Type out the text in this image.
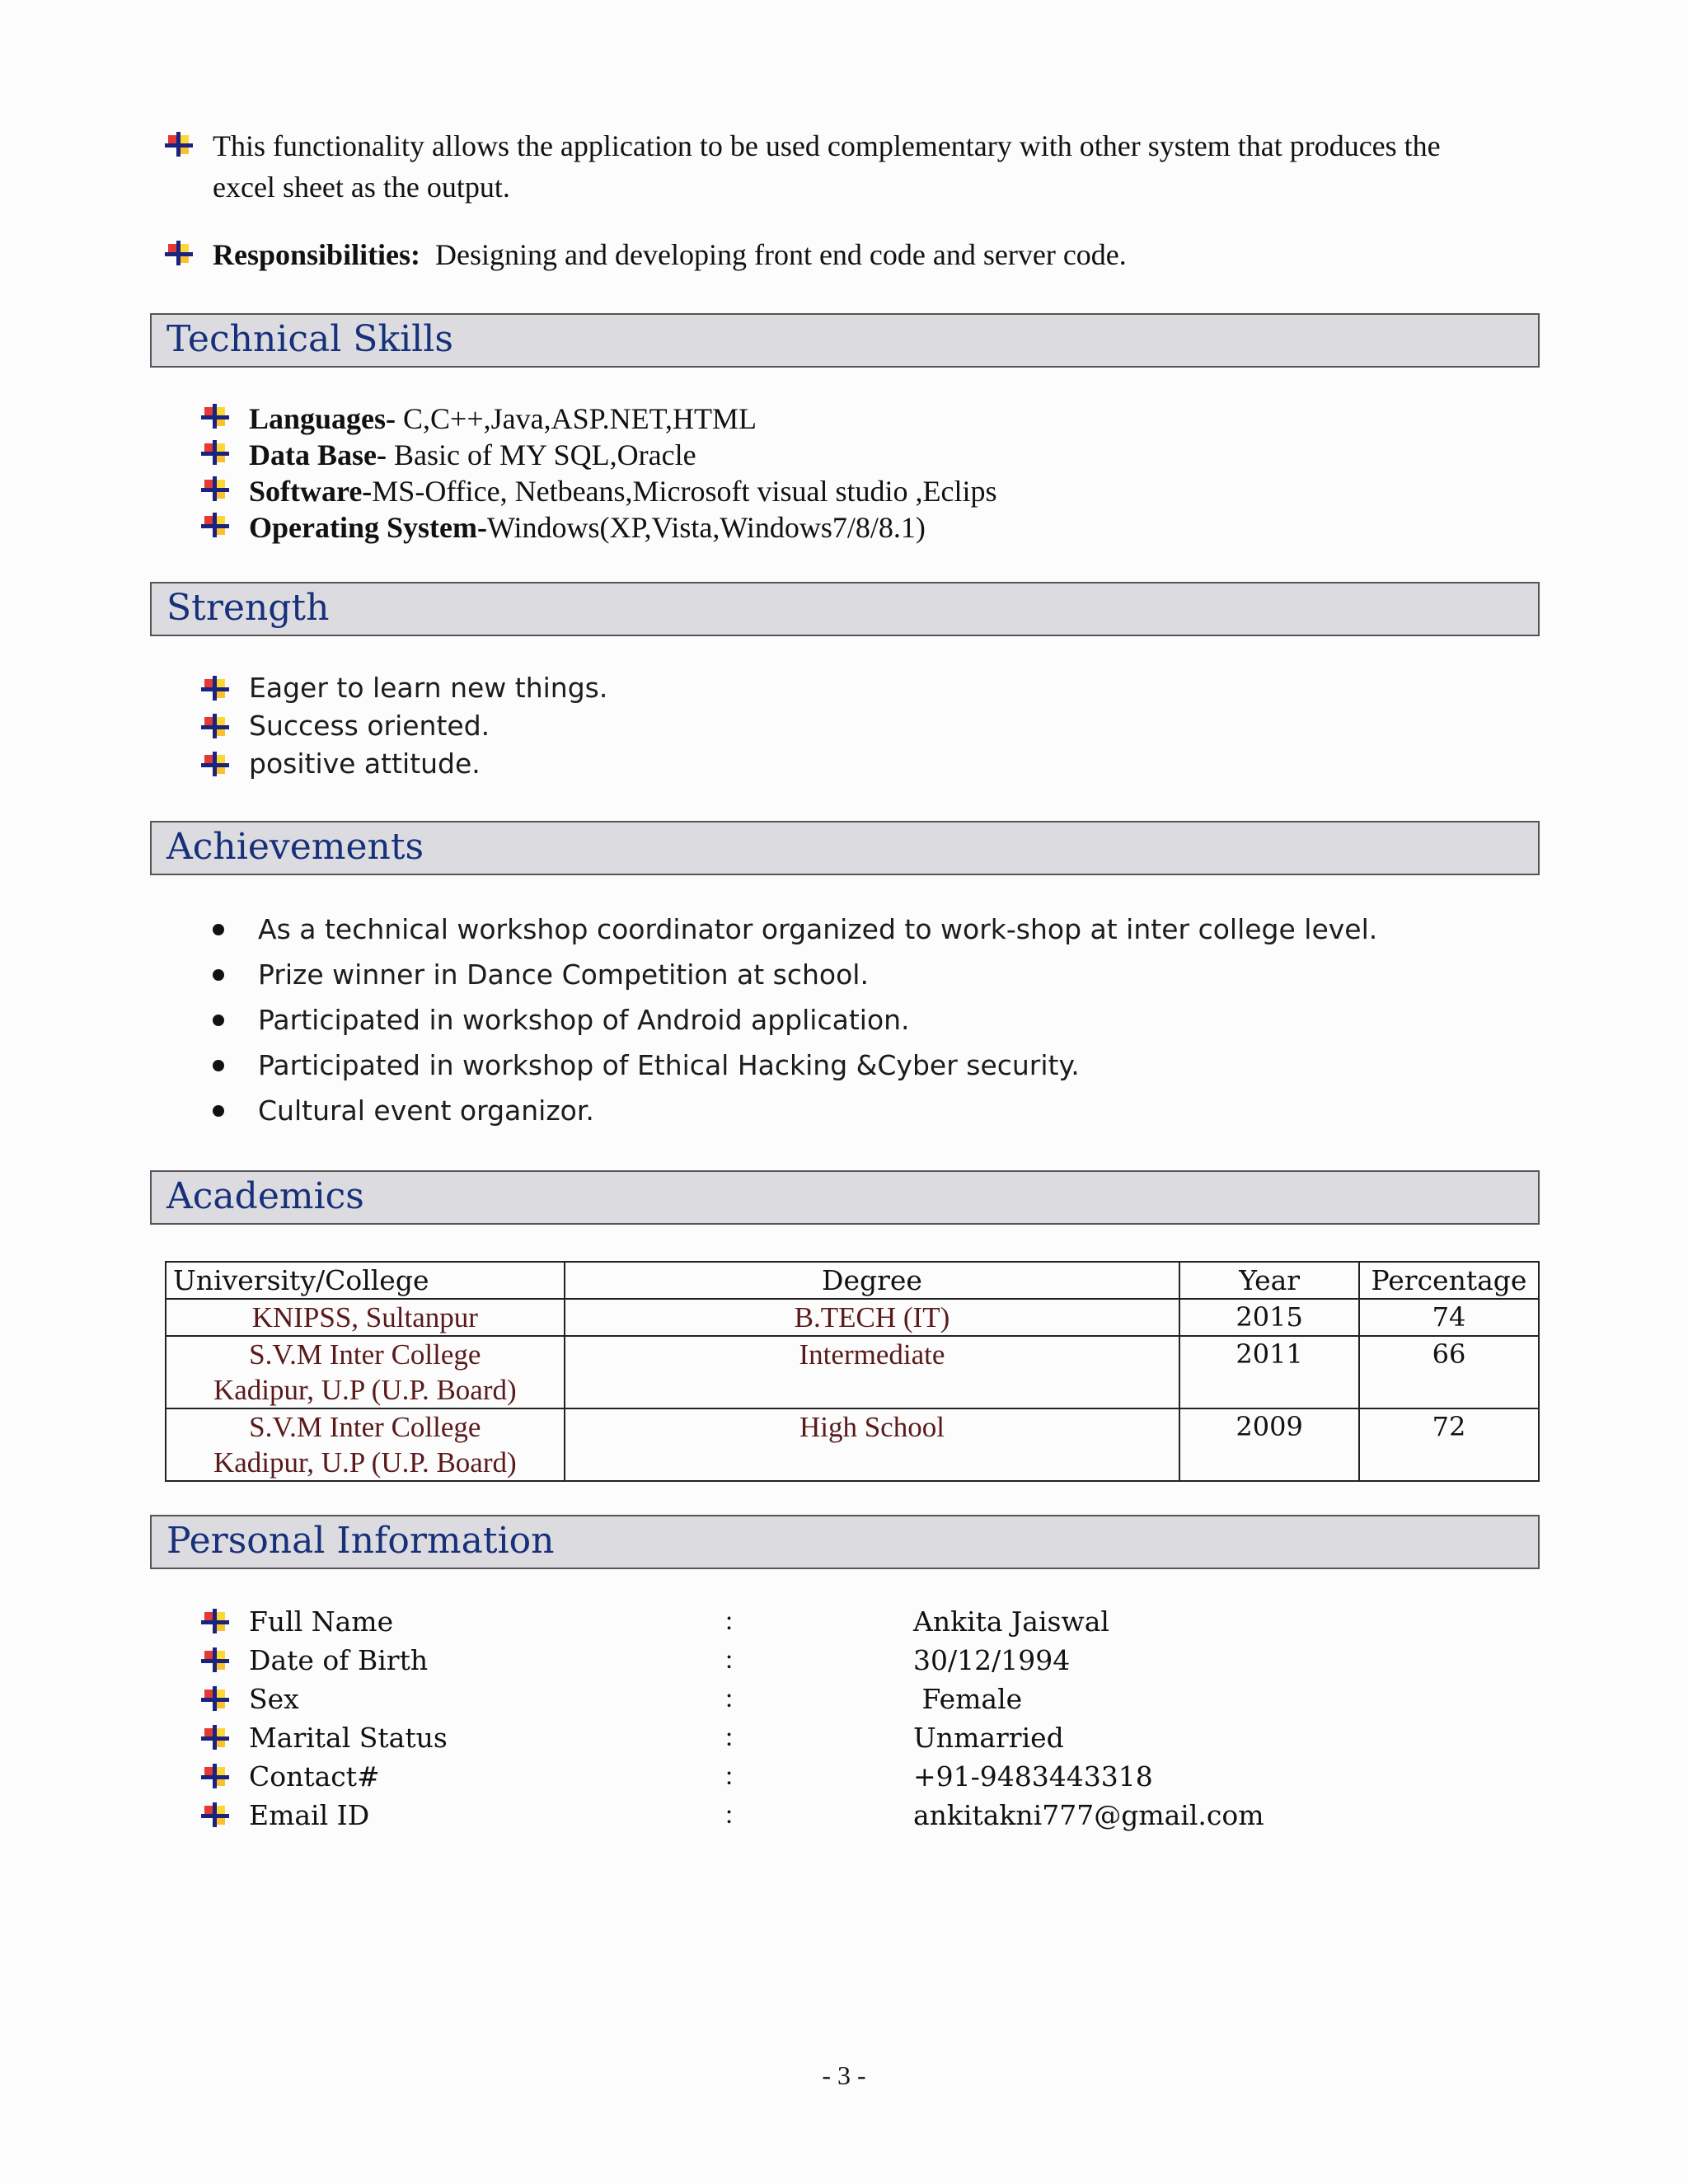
This functionality allows the application to be used complementary with other system that produces the
excel sheet as the output.
Responsibilities: Designing and developing front end code and server code.
Technical Skills
Languages- C,C++,Java,ASP.NET,HTML
Data Base- Basic of MY SQL,Oracle
Software-MS-Office, Netbeans,Microsoft visual studio ,Eclips
Operating System-Windows(XP,Vista,Windows7/8/8.1)
Strength
Eager to learn new things.
Success oriented.
positive attitude.
Achievements
As a technical workshop coordinator organized to work-shop at inter college level.
Prize winner in Dance Competition at school.
Participated in workshop of Android application.
Participated in workshop of Ethical Hacking &Cyber security.
Cultural event organizor.
Academics
University/College	Degree	Year	Percentage

KNIPSS, Sultanpur	B.TECH (IT)	2015	74

S.V.M Inter College
Kadipur, U.P (U.P. Board)	Intermediate	2011	66

S.V.M Inter College
Kadipur, U.P (U.P. Board)	High School	2009	72
Personal Information
Full Name	:	Ankita Jaiswal
Date of Birth	:	30/12/1994
Sex	:	Female
Marital Status	:	Unmarried
Contact#	:	+91-9483443318
Email ID	:	ankitakni777@gmail.com
- 3 -
